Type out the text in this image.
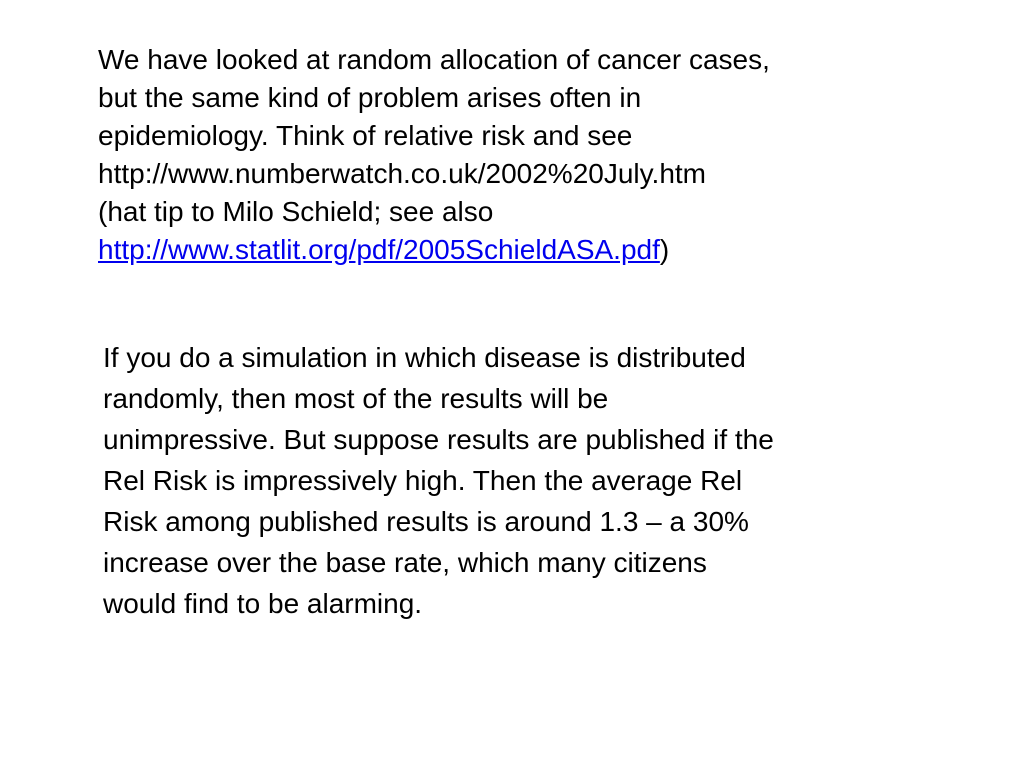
We have looked at random allocation of cancer cases,
but the same kind of problem arises often in
epidemiology. Think of relative risk and see
http://www.numberwatch.co.uk/2002%20July.htm
(hat tip to Milo Schield; see also
http://www.statlit.org/pdf/2005SchieldASA.pdf)
If you do a simulation in which disease is distributed
randomly, then most of the results will be
unimpressive. But suppose results are published if the
Rel Risk is impressively high. Then the average Rel
Risk among published results is around 1.3 – a 30%
increase over the base rate, which many citizens
would find to be alarming.
